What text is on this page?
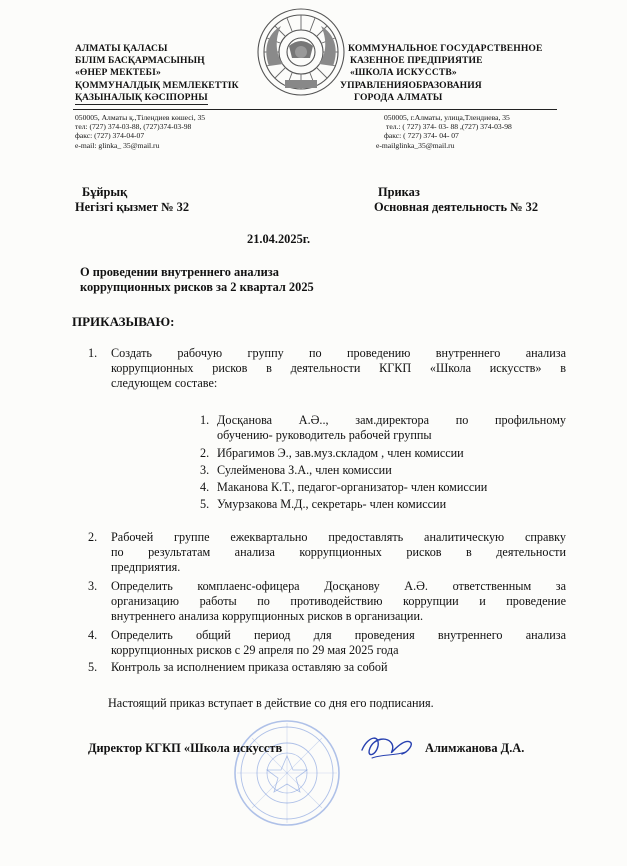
АЛМАТЫ ҚАЛАСЫ
БІЛІМ БАСҚАРМАСЫНЫҢ
«ӨНЕР МЕКТЕБІ»
ҚОММУНАЛДЫҚ МЕМЛЕКЕТТІК
ҚАЗЫНАЛЫҚ КӘСІПОРНЫ
КОММУНАЛЬНОЕ ГОСУДАРСТВЕННОЕ
КАЗЕННОЕ ПРЕДПРИЯТИЕ
«ШКОЛА ИСКУССТВ»
УПРАВЛЕНИЯОБРАЗОВАНИЯ
ГОРОДА АЛМАТЫ
050005, Алматы қ.,Тілендиев көшесі, 35
тел: (727) 374-03-88, (727)374-03-98
факс: (727) 374-04-07
e-mail: glinka_ 35@mail.ru
050005, г.Алматы, улица,Тлендиева, 35
тел.: ( 727) 374- 03- 88 ,(727) 374-03-98
факс: ( 727) 374- 04- 07
e-mailglinka_35@mail.ru
Бұйрық
Негізгі қызмет № 32
Приказ
Основная деятельность № 32
21.04.2025г.
О проведении внутреннего анализа
коррупционных рисков за 2 квартал 2025
ПРИКАЗЫВАЮ:
1. Создать рабочую группу по проведению внутреннего анализа
коррупционных рисков в деятельности КГКП «Школа искусств» в
следующем составе:
1. Досқанова А.Ә.., зам.директора по профильному
обучению- руководитель рабочей группы
2. Ибрагимов Э., зав.муз.складом , член комиссии
3. Сулейменова З.А., член комиссии
4. Маканова К.Т., педагог-организатор- член комиссии
5. Умурзакова М.Д., секретарь- член комиссии
2. Рабочей группе ежеквартально предоставлять аналитическую справку
по результатам анализа коррупционных рисков в деятельности
предприятия.
3. Определить комплаенс-офицера Досқанову А.Ә. ответственным за
организацию работы по противодействию коррупции и проведение
внутреннего анализа коррупционных рисков в организации.
4. Определить общий период для проведения внутреннего анализа
коррупционных рисков с 29 апреля по 29 мая 2025 года
5. Контроль за исполнением приказа оставляю за собой
Настоящий приказ вступает в действие со дня его подписания.
Директор КГКП «Школа искусств	Алимжанова Д.А.
